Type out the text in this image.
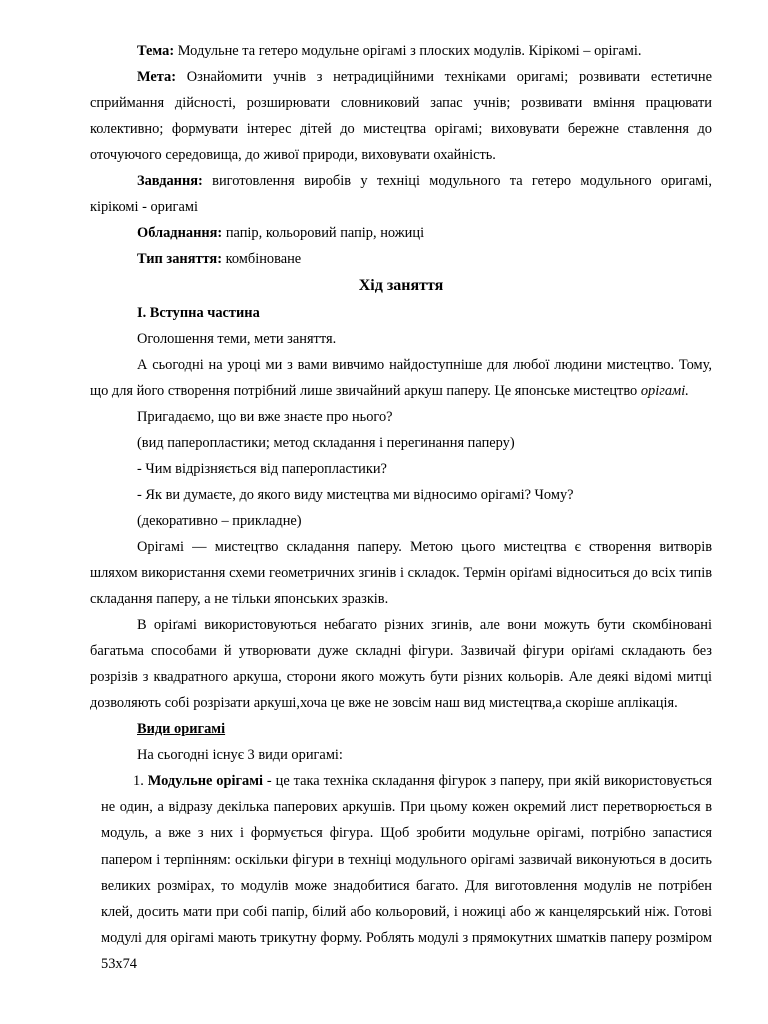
Тема: Модульне та гетеро модульне орігамі з плоских модулів. Кірікомі – орігамі.

Мета: Ознайомити учнів з нетрадиційними техніками оригамі; розвивати естетичне сприймання дійсності, розширювати словниковий запас учнів; розвивати вміння працювати колективно; формувати інтерес дітей до мистецтва орігамі; виховувати бережне ставлення до оточуючого середовища, до живої природи, виховувати охайність.

Завдання: виготовлення виробів у техніці модульного та гетеро модульного оригамі, кірікомі - оригамі

Обладнання: папір, кольоровий папір, ножиці

Тип заняття: комбіноване

Хід заняття

І. Вступна частина

Оголошення теми, мети заняття.

А сьогодні на уроці ми з вами вивчимо найдоступніше для любої людини мистецтво. Тому, що для його створення потрібний лише звичайний аркуш паперу. Це японське мистецтво орігамі.

Пригадаємо, що ви вже знаєте про нього?

(вид паперопластики; метод складання і перегинання паперу)

- Чим відрізняється від паперопластики?

- Як ви думаєте, до якого виду мистецтва ми відносимо орігамі? Чому?

(декоративно – прикладне)

Орігамі — мистецтво складання паперу. Метою цього мистецтва є створення витворів шляхом використання схеми геометричних згинів і складок. Термін оріґамі відноситься до всіх типів складання паперу, а не тільки японських зразків.

В оріґамі використовуються небагато різних згинів, але вони можуть бути скомбіновані багатьма способами й утворювати дуже складні фігури. Зазвичай фігури оріґамі складають без розрізів з квадратного аркуша, сторони якого можуть бути різних кольорів. Але деякі відомі митці дозволяють собі розрізати аркуші,хоча це вже не зовсім наш вид мистецтва,а скоріше аплікація.

Види оригамі

На сьогодні існує 3 види оригамі:

1. Модульне орігамі - це така техніка складання фігурок з паперу, при якій використовується не один, а відразу декілька паперових аркушів. При цьому кожен окремий лист перетворюється в модуль, а вже з них і формується фігура. Щоб зробити модульне орігамі, потрібно запастися папером і терпінням: оскільки фігури в техніці модульного орігамі зазвичай виконуються в досить великих розмірах, то модулів може знадобитися багато. Для виготовлення модулів не потрібен клей, досить мати при собі папір, білий або кольоровий, і ножиці або ж канцелярський ніж. Готові модулі для орігамі мають трикутну форму. Роблять модулі з прямокутних шматків паперу розміром 53х74
